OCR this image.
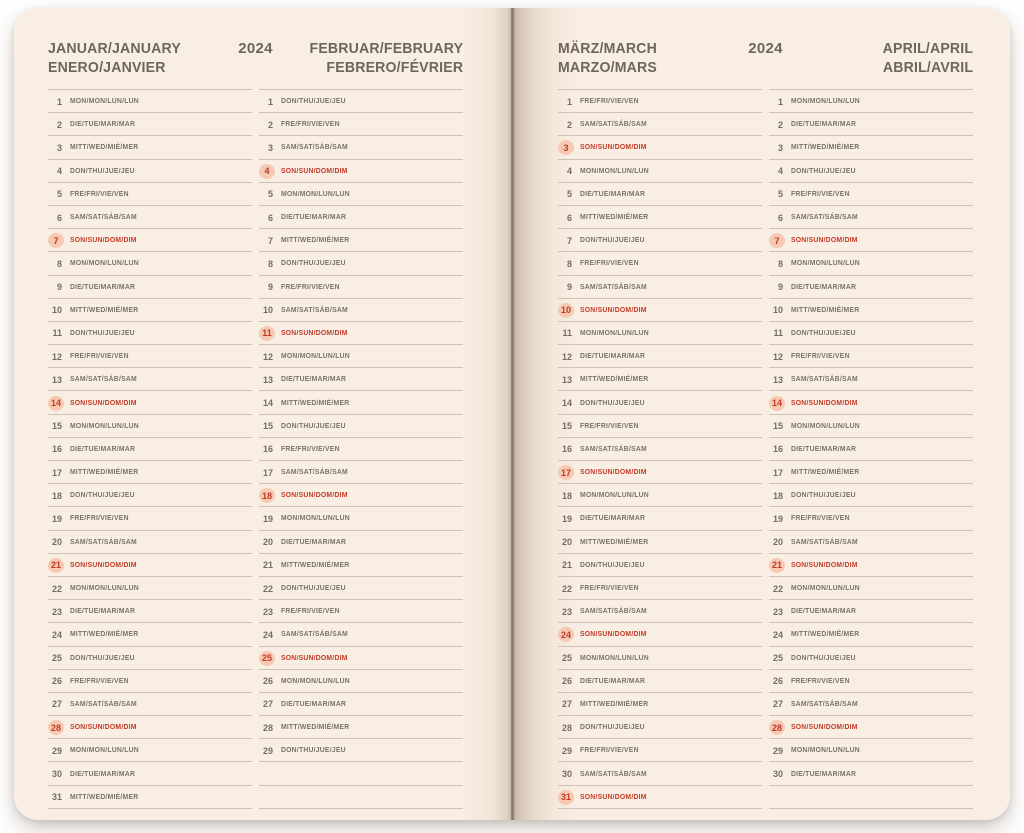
JANUAR/JANUARY
ENERO/JANVIER
2024	FEBRUAR/FEBRUARY
FEBRERO/FÉVRIER
1 MON/MON/LUN/LUN
2 DIE/TUE/MAR/MAR
3 MITT/WED/MIÉ/MER
4 DON/THU/JUE/JEU
5 FRE/FRI/VIE/VEN
6 SAM/SAT/SÁB/SAM
7	SON/SUN/DOM/DIM
8 MON/MON/LUN/LUN
9 DIE/TUE/MAR/MAR
10 MITT/WED/MIÉ/MER
11 DON/THU/JUE/JEU
12 FRE/FRI/VIE/VEN
13 SAM/SAT/SÁB/SAM
14	SON/SUN/DOM/DIM
15 MON/MON/LUN/LUN
16 DIE/TUE/MAR/MAR
17 MITT/WED/MIÉ/MER
18 DON/THU/JUE/JEU
19 FRE/FRI/VIE/VEN
20 SAM/SAT/SÁB/SAM
21	SON/SUN/DOM/DIM
22 MON/MON/LUN/LUN
23 DIE/TUE/MAR/MAR
24 MITT/WED/MIÉ/MER
25 DON/THU/JUE/JEU
26 FRE/FRI/VIE/VEN
27 SAM/SAT/SÁB/SAM
28	SON/SUN/DOM/DIM
29 MON/MON/LUN/LUN
30 DIE/TUE/MAR/MAR
31 MITT/WED/MIÉ/MER
1 DON/THU/JUE/JEU
2 FRE/FRI/VIE/VEN
3 SAM/SAT/SÁB/SAM
4	SON/SUN/DOM/DIM
5 MON/MON/LUN/LUN
6 DIE/TUE/MAR/MAR
7 MITT/WED/MIÉ/MER
8 DON/THU/JUE/JEU
9 FRE/FRI/VIE/VEN
10 SAM/SAT/SÁB/SAM
11	SON/SUN/DOM/DIM
12 MON/MON/LUN/LUN
13 DIE/TUE/MAR/MAR
14 MITT/WED/MIÉ/MER
15 DON/THU/JUE/JEU
16 FRE/FRI/VIE/VEN
17 SAM/SAT/SÁB/SAM
18	SON/SUN/DOM/DIM
19 MON/MON/LUN/LUN
20 DIE/TUE/MAR/MAR
21 MITT/WED/MIÉ/MER
22 DON/THU/JUE/JEU
23 FRE/FRI/VIE/VEN
24 SAM/SAT/SÁB/SAM
25	SON/SUN/DOM/DIM
26 MON/MON/LUN/LUN
27 DIE/TUE/MAR/MAR
28 MITT/WED/MIÉ/MER
29 DON/THU/JUE/JEU
MÄRZ/MARCH
MARZO/MARS
2024	APRIL/APRIL
ABRIL/AVRIL
1 FRE/FRI/VIE/VEN
2 SAM/SAT/SÁB/SAM
3	SON/SUN/DOM/DIM
4 MON/MON/LUN/LUN
5 DIE/TUE/MAR/MAR
6 MITT/WED/MIÉ/MER
7 DON/THU/JUE/JEU
8 FRE/FRI/VIE/VEN
9 SAM/SAT/SÁB/SAM
10	SON/SUN/DOM/DIM
11 MON/MON/LUN/LUN
12 DIE/TUE/MAR/MAR
13 MITT/WED/MIÉ/MER
14 DON/THU/JUE/JEU
15 FRE/FRI/VIE/VEN
16 SAM/SAT/SÁB/SAM
17	SON/SUN/DOM/DIM
18 MON/MON/LUN/LUN
19 DIE/TUE/MAR/MAR
20 MITT/WED/MIÉ/MER
21 DON/THU/JUE/JEU
22 FRE/FRI/VIE/VEN
23 SAM/SAT/SÁB/SAM
24	SON/SUN/DOM/DIM
25 MON/MON/LUN/LUN
26 DIE/TUE/MAR/MAR
27 MITT/WED/MIÉ/MER
28 DON/THU/JUE/JEU
29 FRE/FRI/VIE/VEN
30 SAM/SAT/SÁB/SAM
31	SON/SUN/DOM/DIM
1 MON/MON/LUN/LUN
2 DIE/TUE/MAR/MAR
3 MITT/WED/MIÉ/MER
4 DON/THU/JUE/JEU
5 FRE/FRI/VIE/VEN
6 SAM/SAT/SÁB/SAM
7	SON/SUN/DOM/DIM
8 MON/MON/LUN/LUN
9 DIE/TUE/MAR/MAR
10 MITT/WED/MIÉ/MER
11 DON/THU/JUE/JEU
12 FRE/FRI/VIE/VEN
13 SAM/SAT/SÁB/SAM
14	SON/SUN/DOM/DIM
15 MON/MON/LUN/LUN
16 DIE/TUE/MAR/MAR
17 MITT/WED/MIÉ/MER
18 DON/THU/JUE/JEU
19 FRE/FRI/VIE/VEN
20 SAM/SAT/SÁB/SAM
21	SON/SUN/DOM/DIM
22 MON/MON/LUN/LUN
23 DIE/TUE/MAR/MAR
24 MITT/WED/MIÉ/MER
25 DON/THU/JUE/JEU
26 FRE/FRI/VIE/VEN
27 SAM/SAT/SÁB/SAM
28	SON/SUN/DOM/DIM
29 MON/MON/LUN/LUN
30 DIE/TUE/MAR/MAR
